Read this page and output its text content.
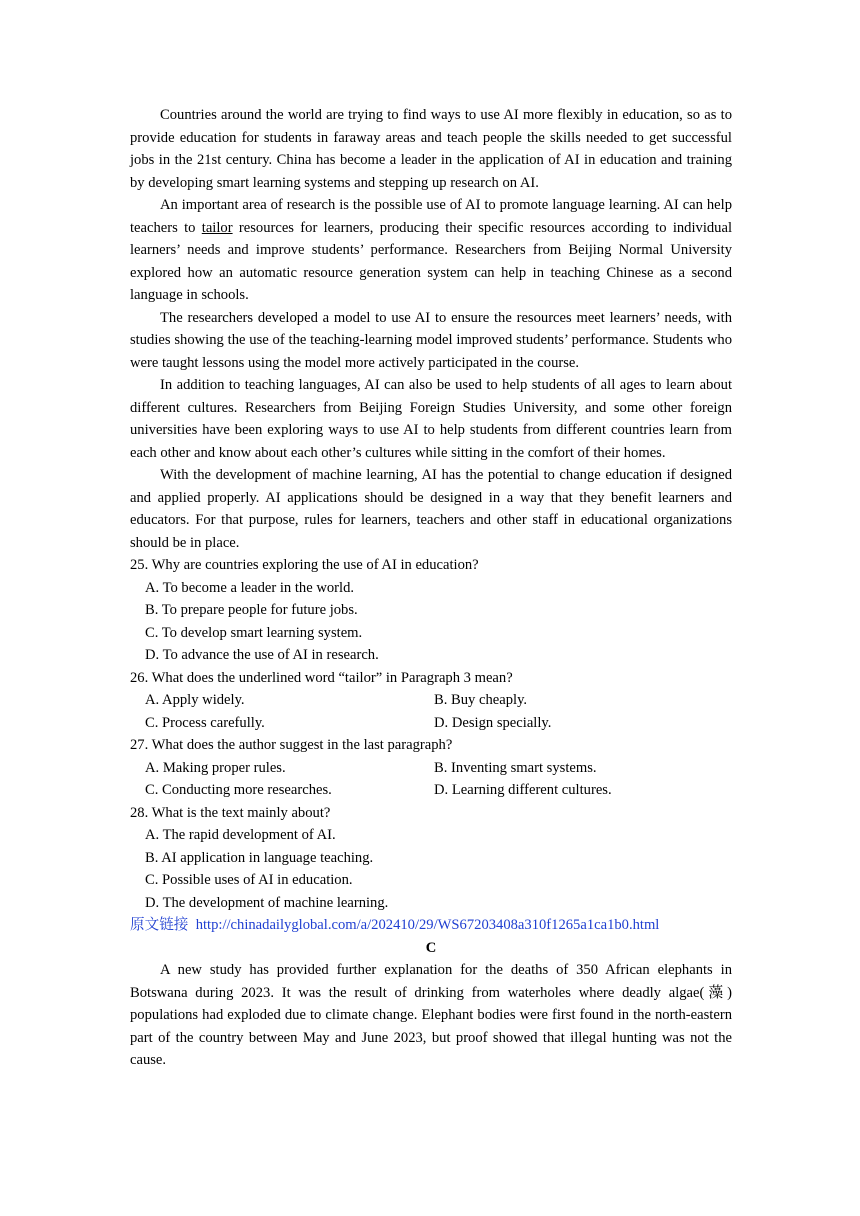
Countries around the world are trying to find ways to use AI more flexibly in education, so as to provide education for students in faraway areas and teach people the skills needed to get successful jobs in the 21st century. China has become a leader in the application of AI in education and training by developing smart learning systems and stepping up research on AI.

An important area of research is the possible use of AI to promote language learning. AI can help teachers to tailor resources for learners, producing their specific resources according to individual learners’ needs and improve students’ performance. Researchers from Beijing Normal University explored how an automatic resource generation system can help in teaching Chinese as a second language in schools.

The researchers developed a model to use AI to ensure the resources meet learners’ needs, with studies showing the use of the teaching-learning model improved students’ performance. Students who were taught lessons using the model more actively participated in the course.

In addition to teaching languages, AI can also be used to help students of all ages to learn about different cultures. Researchers from Beijing Foreign Studies University, and some other foreign universities have been exploring ways to use AI to help students from different countries learn from each other and know about each other’s cultures while sitting in the comfort of their homes.

With the development of machine learning, AI has the potential to change education if designed and applied properly. AI applications should be designed in a way that they benefit learners and educators. For that purpose, rules for learners, teachers and other staff in educational organizations should be in place.

25. Why are countries exploring the use of AI in education?

A. To become a leader in the world.

B. To prepare people for future jobs.

C. To develop smart learning system.

D. To advance the use of AI in research.

26. What does the underlined word “tailor” in Paragraph 3 mean?

A. Apply widely.	B. Buy cheaply.
C. Process carefully.	D. Design specially.

27. What does the author suggest in the last paragraph?

A. Making proper rules.	B. Inventing smart systems.
C. Conducting more researches.	D. Learning different cultures.

28. What is the text mainly about?

A. The rapid development of AI.

B. AI application in language teaching.

C. Possible uses of AI in education.

D. The development of machine learning.

原文链接 http://chinadailyglobal.com/a/202410/29/WS67203408a310f1265a1ca1b0.html

C

A new study has provided further explanation for the deaths of 350 African elephants in Botswana during 2023. It was the result of drinking from waterholes where deadly algae(藻) populations had exploded due to climate change. Elephant bodies were first found in the north-eastern part of the country between May and June 2023, but proof showed that illegal hunting was not the cause.
